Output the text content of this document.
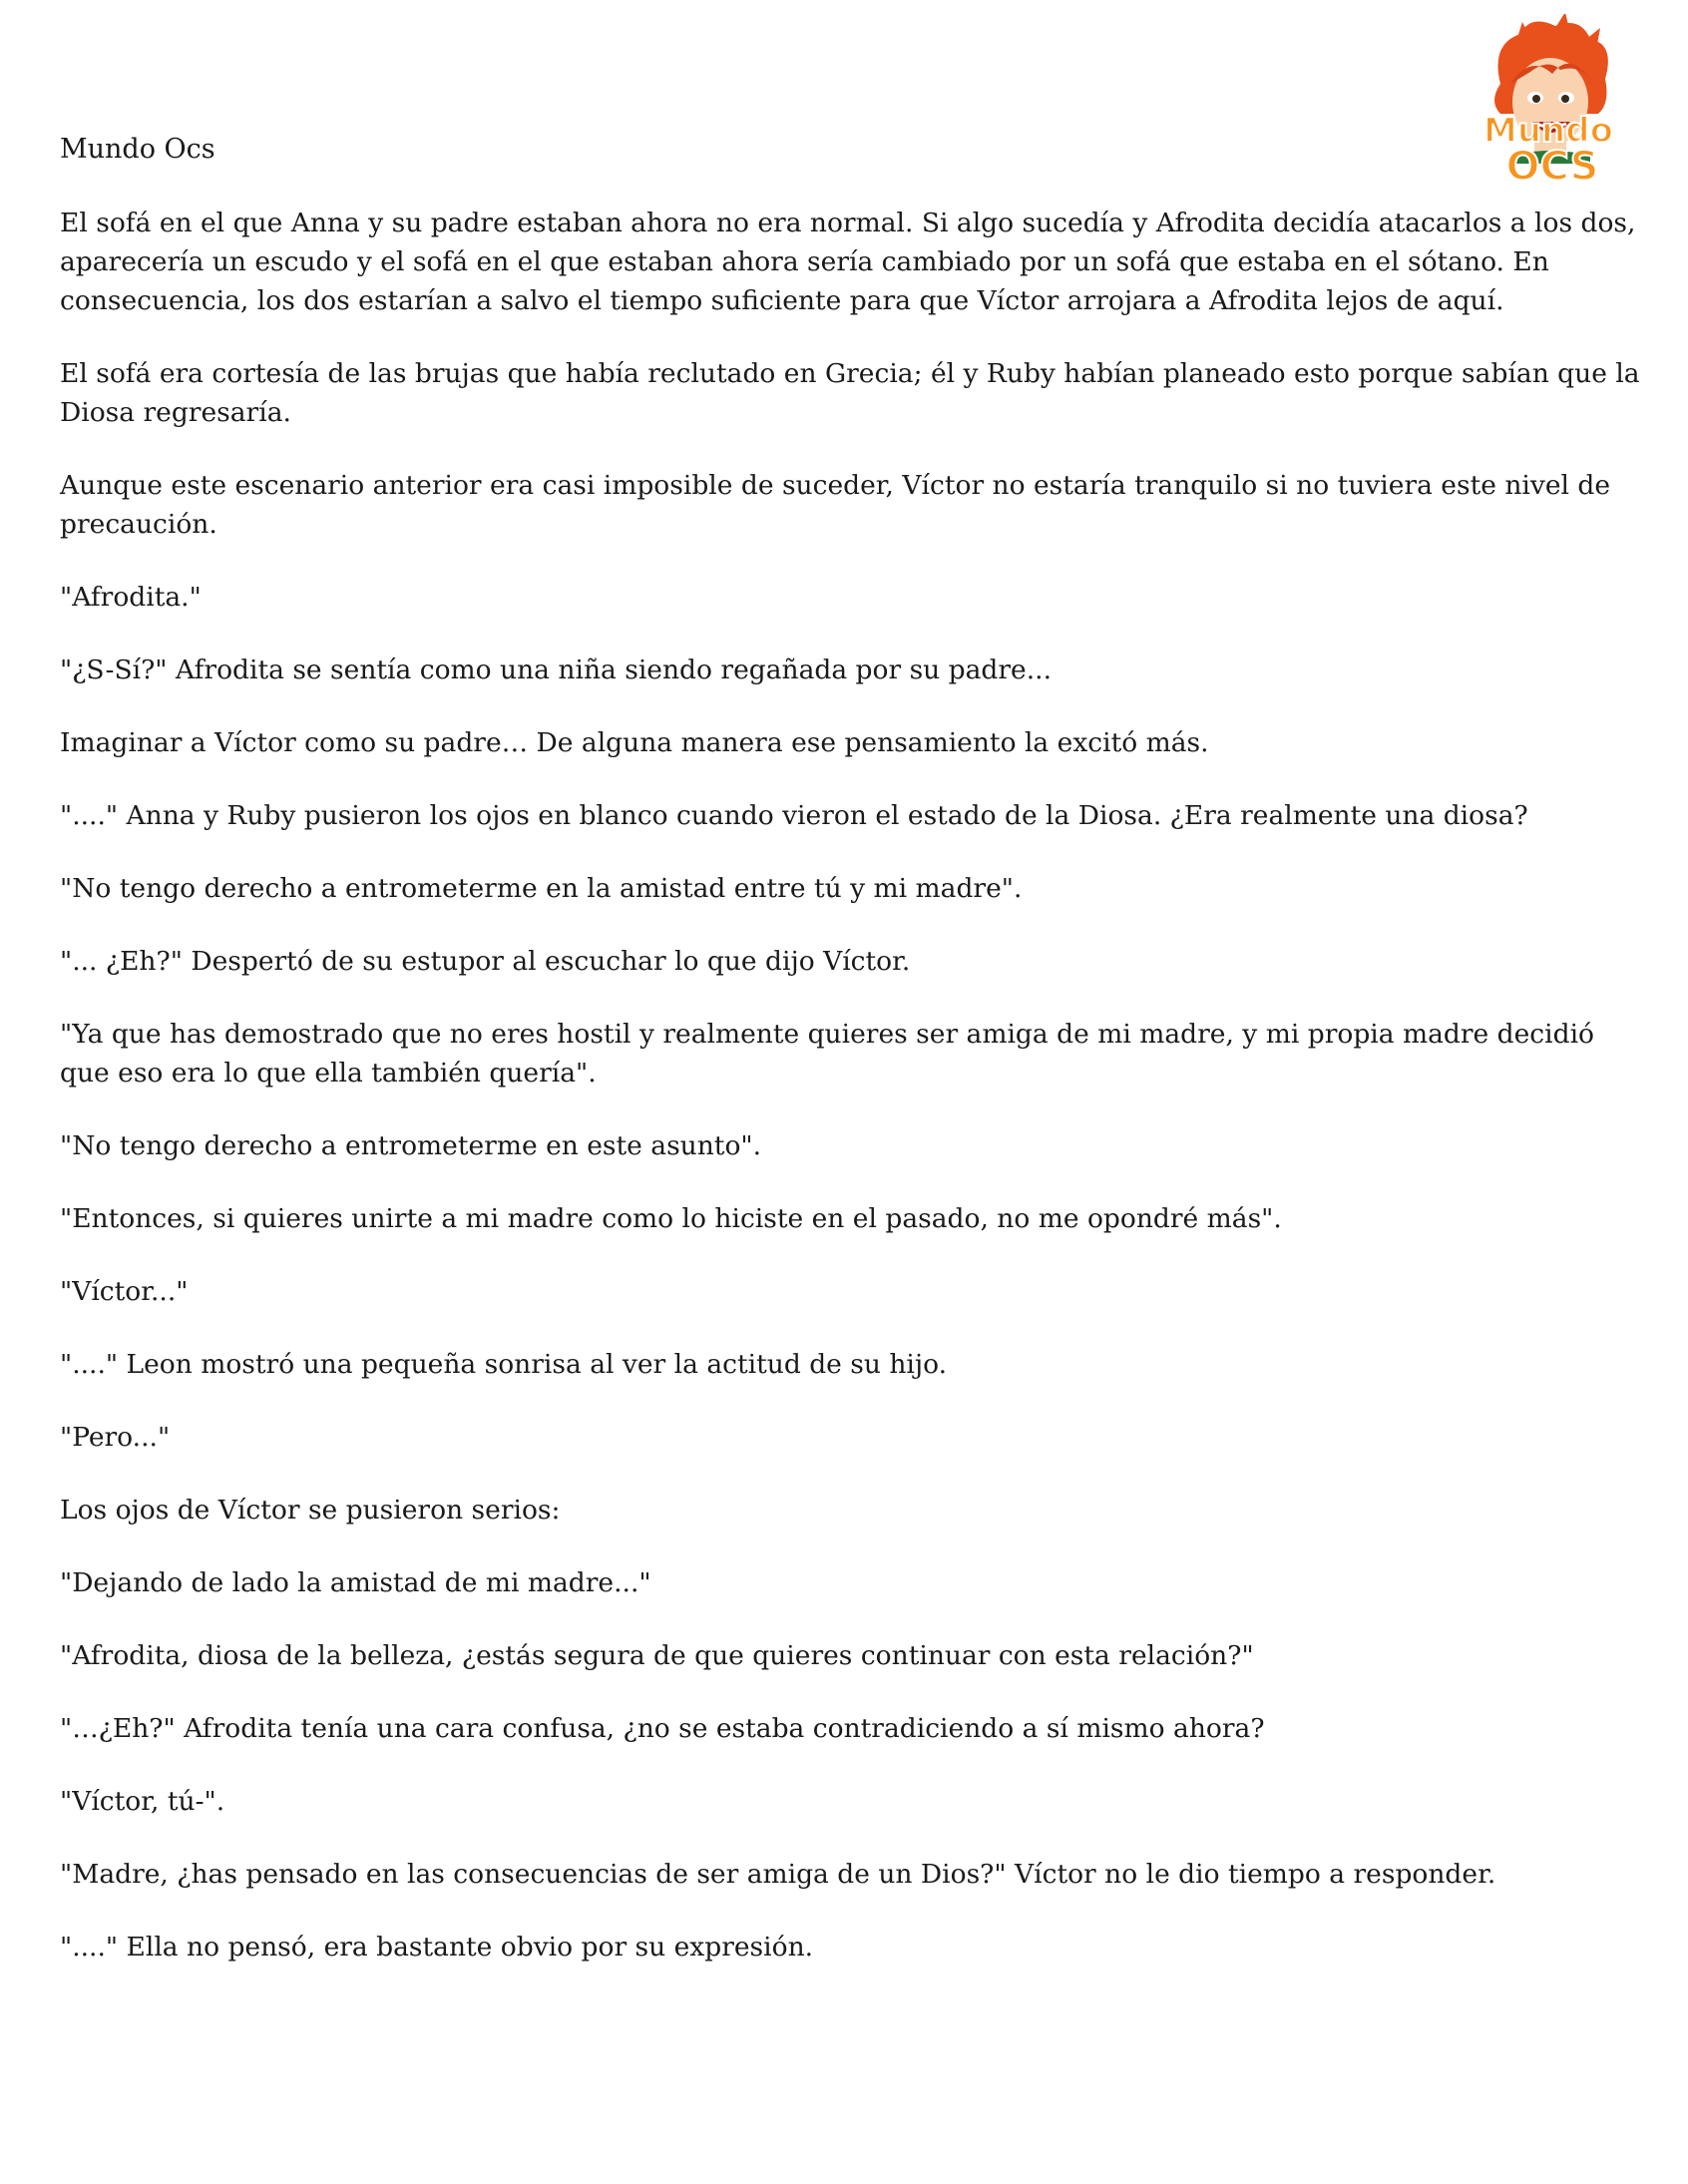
Mundo Ocs	Mundo
OCS

El sofá en el que Anna y su padre estaban ahora no era normal. Si algo sucedía y Afrodita decidía atacarlos a los dos, aparecería un escudo y el sofá en el que estaban ahora sería cambiado por un sofá que estaba en el sótano. En consecuencia, los dos estarían a salvo el tiempo suficiente para que Víctor arrojara a Afrodita lejos de aquí.

El sofá era cortesía de las brujas que había reclutado en Grecia; él y Ruby habían planeado esto porque sabían que la Diosa regresaría.

Aunque este escenario anterior era casi imposible de suceder, Víctor no estaría tranquilo si no tuviera este nivel de precaución.

"Afrodita."

"¿S-Sí?" Afrodita se sentía como una niña siendo regañada por su padre...

Imaginar a Víctor como su padre… De alguna manera ese pensamiento la excitó más.

"...." Anna y Ruby pusieron los ojos en blanco cuando vieron el estado de la Diosa. ¿Era realmente una diosa?

"No tengo derecho a entrometerme en la amistad entre tú y mi madre".

"... ¿Eh?" Despertó de su estupor al escuchar lo que dijo Víctor.

"Ya que has demostrado que no eres hostil y realmente quieres ser amiga de mi madre, y mi propia madre decidió que eso era lo que ella también quería".

"No tengo derecho a entrometerme en este asunto".

"Entonces, si quieres unirte a mi madre como lo hiciste en el pasado, no me opondré más".

"Víctor..."

"...." Leon mostró una pequeña sonrisa al ver la actitud de su hijo.

"Pero..."

Los ojos de Víctor se pusieron serios:

"Dejando de lado la amistad de mi madre..."

"Afrodita, diosa de la belleza, ¿estás segura de que quieres continuar con esta relación?"

"…¿Eh?" Afrodita tenía una cara confusa, ¿no se estaba contradiciendo a sí mismo ahora?

"Víctor, tú-".

"Madre, ¿has pensado en las consecuencias de ser amiga de un Dios?" Víctor no le dio tiempo a responder.

"...." Ella no pensó, era bastante obvio por su expresión.
